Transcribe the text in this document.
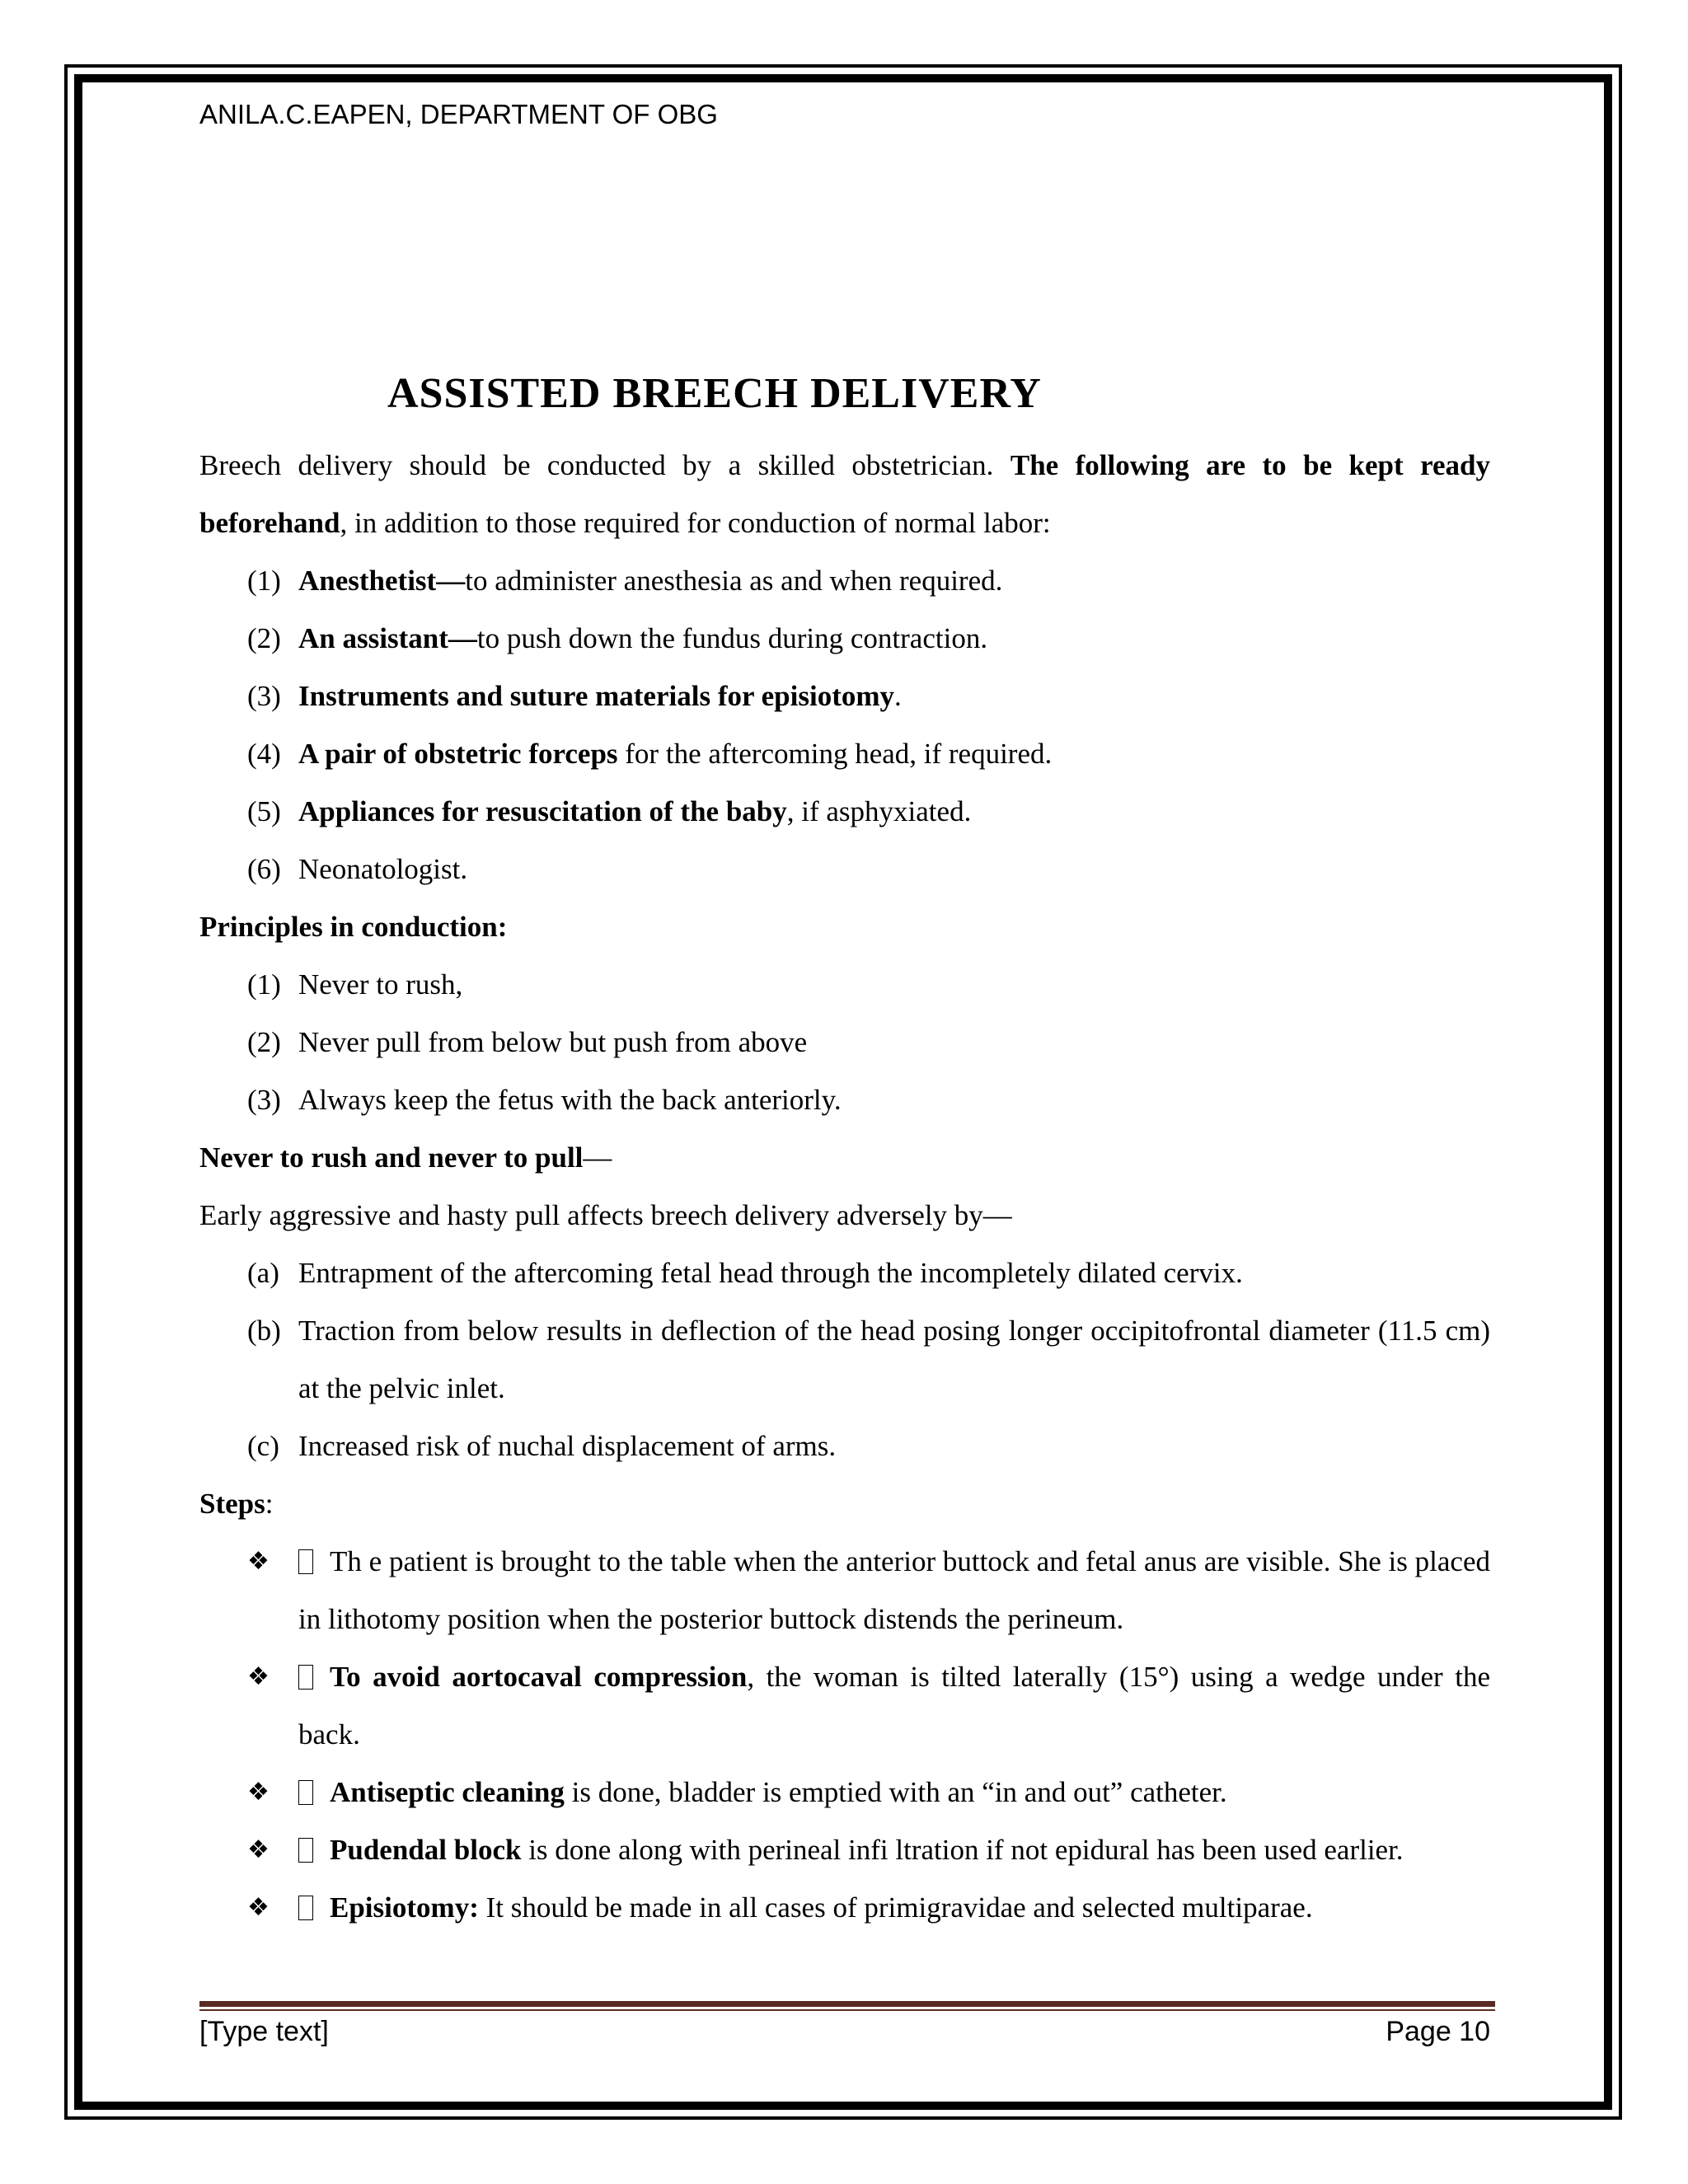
ANILA.C.EAPEN, DEPARTMENT OF OBG
ASSISTED BREECH DELIVERY

Breech delivery should be conducted by a skilled obstetrician. The following are to be kept ready beforehand, in addition to those required for conduction of normal labor:

(1) Anesthetist—to administer anesthesia as and when required.
(2) An assistant—to push down the fundus during contraction.
(3) Instruments and suture materials for episiotomy.
(4) A pair of obstetric forceps for the aftercoming head, if required.
(5) Appliances for resuscitation of the baby, if asphyxiated.
(6) Neonatologist.

Principles in conduction:

(1) Never to rush,
(2) Never pull from below but push from above
(3) Always keep the fetus with the back anteriorly.

Never to rush and never to pull—

Early aggressive and hasty pull affects breech delivery adversely by—

(a) Entrapment of the aftercoming fetal head through the incompletely dilated cervix.
(b) Traction from below results in deflection of the head posing longer occipitofrontal diameter (11.5 cm) at the pelvic inlet.
(c) Increased risk of nuchal displacement of arms.

Steps:

❖	Th e patient is brought to the table when the anterior buttock and fetal anus are visible. She is placed in lithotomy position when the posterior buttock distends the perineum.
❖	To avoid aortocaval compression, the woman is tilted laterally (15°) using a wedge under the back.
❖	Antiseptic cleaning is done, bladder is emptied with an “in and out” catheter.
❖	Pudendal block is done along with perineal infi ltration if not epidural has been used earlier.
❖	Episiotomy: It should be made in all cases of primigravidae and selected multiparae.
[Type text]	Page 10
